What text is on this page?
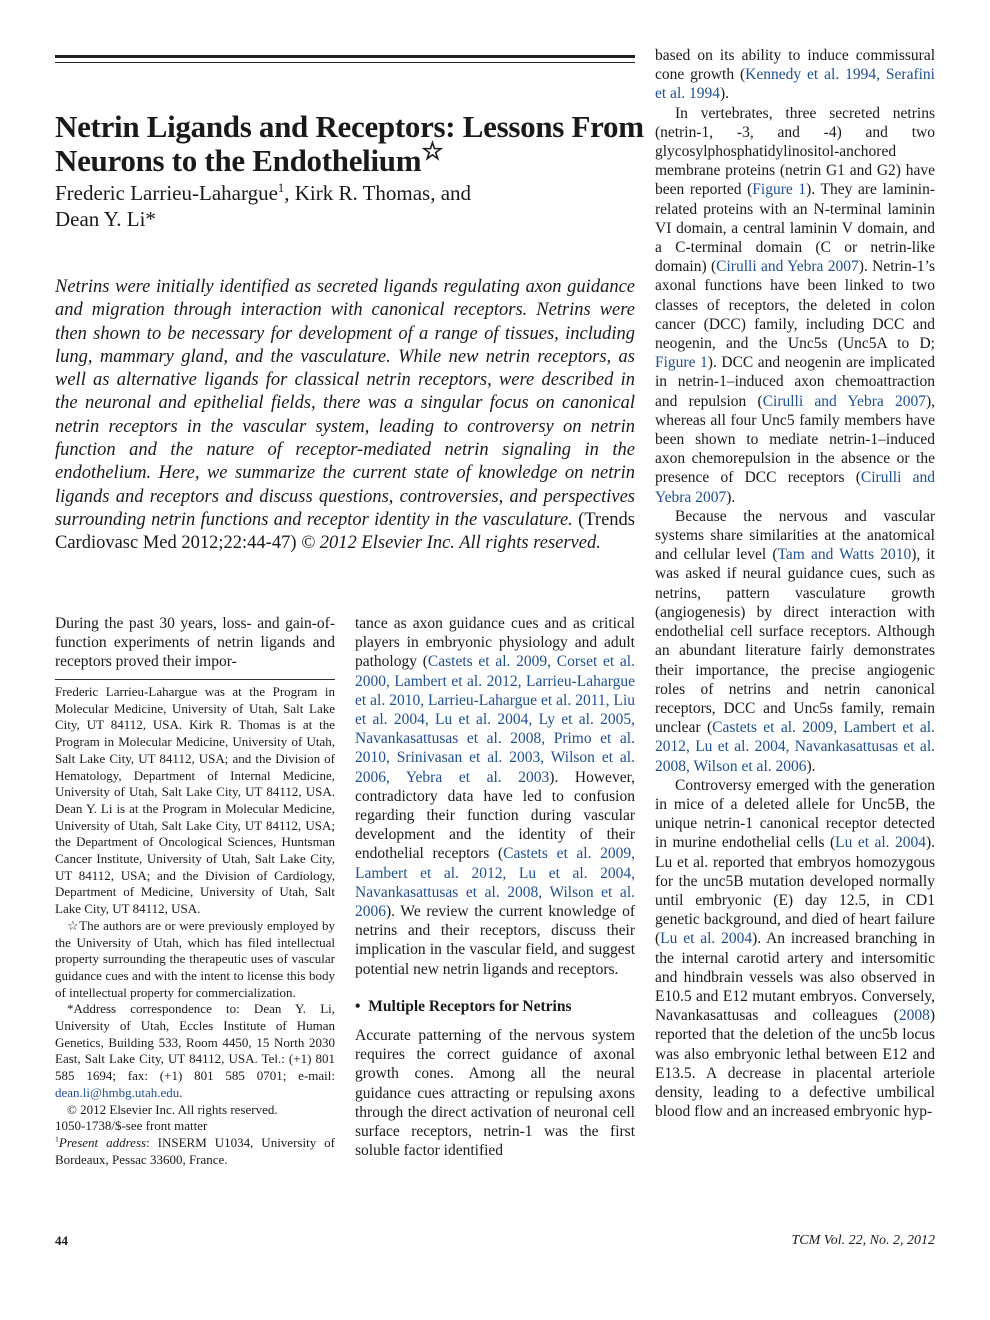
Netrin Ligands and Receptors: Lessons From Neurons to the Endothelium☆
Frederic Larrieu-Lahargue$^1$, Kirk R. Thomas, and
Dean Y. Li*
Netrins were initially identified as secreted ligands regulating axon guidance and migration through interaction with canonical receptors. Netrins were then shown to be necessary for development of a range of tissues, including lung, mammary gland, and the vasculature. While new netrin receptors, as well as alternative ligands for classical netrin receptors, were described in the neuronal and epithelial fields, there was a singular focus on canonical netrin receptors in the vascular system, leading to controversy on netrin function and the nature of receptor-mediated netrin signaling in the endothelium. Here, we summarize the current state of knowledge on netrin ligands and receptors and discuss questions, controversies, and perspectives surrounding netrin functions and receptor identity in the vasculature. (Trends Cardiovasc Med 2012;22:44-47) © 2012 Elsevier Inc. All rights reserved.

During the past 30 years, loss- and gain-of-function experiments of netrin ligands and receptors proved their impor-

Frederic Larrieu-Lahargue was at the Program in Molecular Medicine, University of Utah, Salt Lake City, UT 84112, USA. Kirk R. Thomas is at the Program in Molecular Medicine, University of Utah, Salt Lake City, UT 84112, USA; and the Division of Hematology, Department of Internal Medicine, University of Utah, Salt Lake City, UT 84112, USA. Dean Y. Li is at the Program in Molecular Medicine, University of Utah, Salt Lake City, UT 84112, USA; the Department of Oncological Sciences, Huntsman Cancer Institute, University of Utah, Salt Lake City, UT 84112, USA; and the Division of Cardiology, Department of Medicine, University of Utah, Salt Lake City, UT 84112, USA.

☆The authors are or were previously employed by the University of Utah, which has filed intellectual property surrounding the therapeutic uses of vascular guidance cues and with the intent to license this body of intellectual property for commercialization.

*Address correspondence to: Dean Y. Li, University of Utah, Eccles Institute of Human Genetics, Building 533, Room 4450, 15 North 2030 East, Salt Lake City, UT 84112, USA. Tel.: (+1) 801 585 1694; fax: (+1) 801 585 0701; e-mail: dean.li@hmbg.utah.edu.

© 2012 Elsevier Inc. All rights reserved.

1050-1738/$-see front matter

$^1$Present address: INSERM U1034, University of Bordeaux, Pessac 33600, France.

tance as axon guidance cues and as critical players in embryonic physiology and adult pathology (Castets et al. 2009, Corset et al. 2000, Lambert et al. 2012, Larrieu-Lahargue et al. 2010, Larrieu-Lahargue et al. 2011, Liu et al. 2004, Lu et al. 2004, Ly et al. 2005, Navankasattusas et al. 2008, Primo et al. 2010, Srinivasan et al. 2003, Wilson et al. 2006, Yebra et al. 2003). However, contradictory data have led to confusion regarding their function during vascular development and the identity of their endothelial receptors (Castets et al. 2009, Lambert et al. 2012, Lu et al. 2004, Navankasattusas et al. 2008, Wilson et al. 2006). We review the current knowledge of netrins and their receptors, discuss their implication in the vascular field, and suggest potential new netrin ligands and receptors.

• Multiple Receptors for Netrins

Accurate patterning of the nervous system requires the correct guidance of axonal growth cones. Among all the neural guidance cues attracting or repulsing axons through the direct activation of neuronal cell surface receptors, netrin-1 was the first soluble factor identified

based on its ability to induce commissural cone growth (Kennedy et al. 1994, Serafini et al. 1994).

In vertebrates, three secreted netrins (netrin-1, -3, and -4) and two glycosylphosphatidylinositol-anchored membrane proteins (netrin G1 and G2) have been reported (Figure 1). They are laminin-related proteins with an N-terminal laminin VI domain, a central laminin V domain, and a C-terminal domain (C or netrin-like domain) (Cirulli and Yebra 2007). Netrin-1’s axonal functions have been linked to two classes of receptors, the deleted in colon cancer (DCC) family, including DCC and neogenin, and the Unc5s (Unc5A to D; Figure 1). DCC and neogenin are implicated in netrin-1–induced axon chemoattraction and repulsion (Cirulli and Yebra 2007), whereas all four Unc5 family members have been shown to mediate netrin-1–induced axon chemorepulsion in the absence or the presence of DCC receptors (Cirulli and Yebra 2007).

Because the nervous and vascular systems share similarities at the anatomical and cellular level (Tam and Watts 2010), it was asked if neural guidance cues, such as netrins, pattern vasculature growth (angiogenesis) by direct interaction with endothelial cell surface receptors. Although an abundant literature fairly demonstrates their importance, the precise angiogenic roles of netrins and netrin canonical receptors, DCC and Unc5s family, remain unclear (Castets et al. 2009, Lambert et al. 2012, Lu et al. 2004, Navankasattusas et al. 2008, Wilson et al. 2006).

Controversy emerged with the generation in mice of a deleted allele for Unc5B, the unique netrin-1 canonical receptor detected in murine endothelial cells (Lu et al. 2004). Lu et al. reported that embryos homozygous for the unc5B mutation developed normally until embryonic (E) day 12.5, in CD1 genetic background, and died of heart failure (Lu et al. 2004). An increased branching in the internal carotid artery and intersomitic and hindbrain vessels was also observed in E10.5 and E12 mutant embryos. Conversely, Navankasattusas and colleagues (2008) reported that the deletion of the unc5b locus was also embryonic lethal between E12 and E13.5. A decrease in placental arteriole density, leading to a defective umbilical blood flow and an increased embryonic hyp-

44	TCM Vol. 22, No. 2, 2012
